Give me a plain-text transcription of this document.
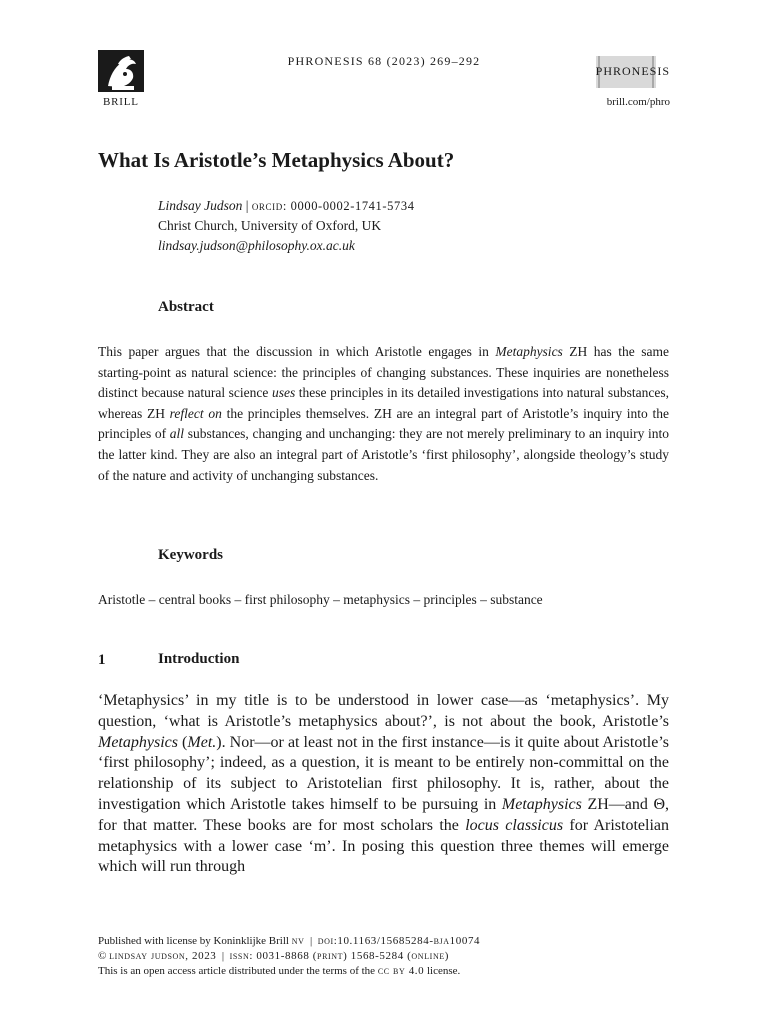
BRILL
PHRONESIS 68 (2023) 269–292
PHRONESIS
brill.com/phro
What Is Aristotle’s Metaphysics About?
Lindsay Judson | orcid: 0000-0002-1741-5734
Christ Church, University of Oxford, UK
lindsay.judson@philosophy.ox.ac.uk
Abstract
This paper argues that the discussion in which Aristotle engages in Metaphysics ZH has the same starting-point as natural science: the principles of changing substances. These inquiries are nonetheless distinct because natural science uses these principles in its detailed investigations into natural substances, whereas ZH reflect on the principles themselves. ZH are an integral part of Aristotle’s inquiry into the principles of all substances, changing and unchanging: they are not merely preliminary to an inquiry into the latter kind. They are also an integral part of Aristotle’s ‘first philosophy’, alongside theology’s study of the nature and activity of unchanging substances.
Keywords
Aristotle – central books – first philosophy – metaphysics – principles – substance
1	Introduction
‘Metaphysics’ in my title is to be understood in lower case—as ‘metaphysics’. My question, ‘what is Aristotle’s metaphysics about?’, is not about the book, Aristotle’s Metaphysics (Met.). Nor—or at least not in the first instance—is it quite about Aristotle’s ‘first philosophy’; indeed, as a question, it is meant to be entirely non-committal on the relationship of its subject to Aristotelian first philosophy. It is, rather, about the investigation which Aristotle takes himself to be pursuing in Metaphysics ZH—and Θ, for that matter. These books are for most scholars the locus classicus for Aristotelian metaphysics with a lower case ‘m’. In posing this question three themes will emerge which will run through
Published with license by Koninklijke Brill nv  |  doi:10.1163/15685284-bja10074
© lindsay judson, 2023  |  issn: 0031-8868 (print) 1568-5284 (online)
This is an open access article distributed under the terms of the cc by 4.0 license.
